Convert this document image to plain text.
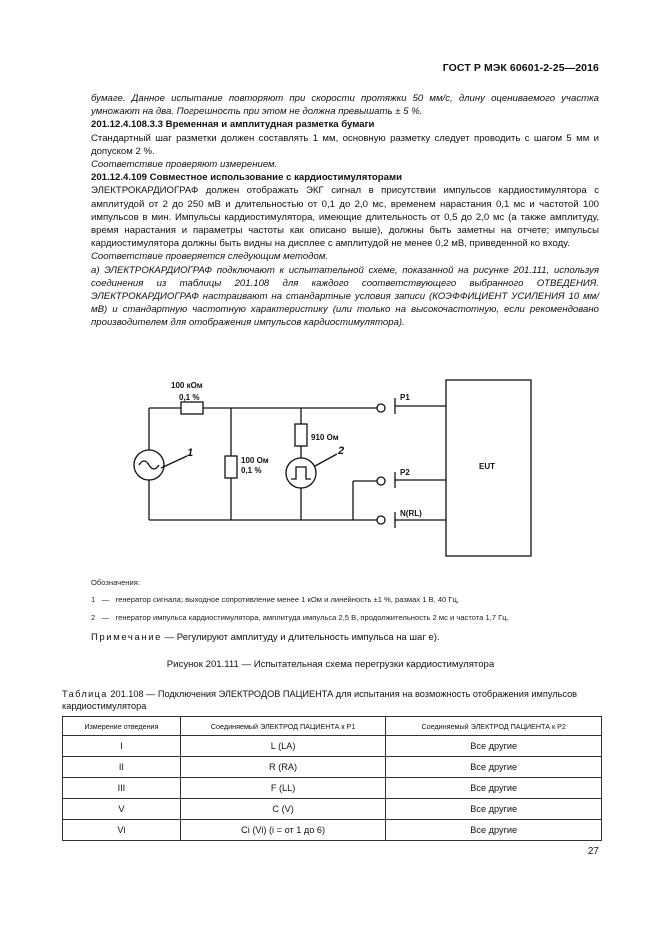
ГОСТ Р МЭК 60601-2-25—2016

бумаге. Данное испытание повторяют при скорости протяжки 50 мм/с, длину оцениваемого участка умножают на два. Погрешность при этом не должна превышать ± 5 %.

201.12.4.108.3.3 Временная и амплитудная разметка бумаги

Стандартный шаг разметки должен составлять 1 мм, основную разметку следует проводить с шагом 5 мм и допуском 2 %.

Соответствие проверяют измерением.

201.12.4.109 Совместное использование с кардиостимуляторами

ЭЛЕКТРОКАРДИОГРАФ должен отображать ЭКГ сигнал в присутствии импульсов кардиостимулятора с амплитудой от 2 до 250 мВ и длительностью от 0,1 до 2,0 мс, временем нарастания 0,1 мс и частотой 100 импульсов в мин. Импульсы кардиостимулятора, имеющие длительность от 0,5 до 2,0 мс (а также амплитуду, время нарастания и параметры частоты как описано выше), должны быть заметны на отчете; импульсы кардиостимулятора должны быть видны на дисплее с амплитудой не менее 0,2 мВ, приведенной ко входу.

Соответствие проверяется следующим методом.

а) ЭЛЕКТРОКАРДИОГРАФ подключают к испытательной схеме, показанной на рисунке 201.111, используя соединения из таблицы 201.108 для каждого соответствующего выбранного ОТВЕДЕНИЯ. ЭЛЕКТРОКАРДИОГРАФ настраивают на стандартные условия записи (КОЭФФИЦИЕНТ УСИЛЕНИЯ 10 мм/мВ) и стандартную частотную характеристику (или только на высокочастотную, если рекомендовано производителем для отображения импульсов кардиостимулятора).

100 кОм
0,1 %
100 Ом
0,1 %
910 Ом
P1
P2
N(RL)
EUT
1	2
Обозначения:
1 — генератор сигнала; выходное сопротивление менее 1 кОм и линейность ±1 %, размах 1 В, 40 Гц,
2 — генератор импульса кардиостимулятора, амплитуда импульса 2,5 В, продолжительность 2 мс и частота 1,7 Гц.
Примечание — Регулируют амплитуду и длительность импульса на шаг е).
Рисунок 201.111 — Испытательная схема перегрузки кардиостимулятора
Таблица 201.108 — Подключения ЭЛЕКТРОДОВ ПАЦИЕНТА для испытания на возможность отображения импульсов кардиостимулятора
Измерение отведения	Соединяемый ЭЛЕКТРОД ПАЦИЕНТА к P1	Соединяемый ЭЛЕКТРОД ПАЦИЕНТА к P2
I	L (LA)	Все другие
II	R (RA)	Все другие
III	F (LL)	Все другие
V	C (V)	Все другие
Vi	Ci (Vi) (i = от 1 до 6)	Все другие
27
